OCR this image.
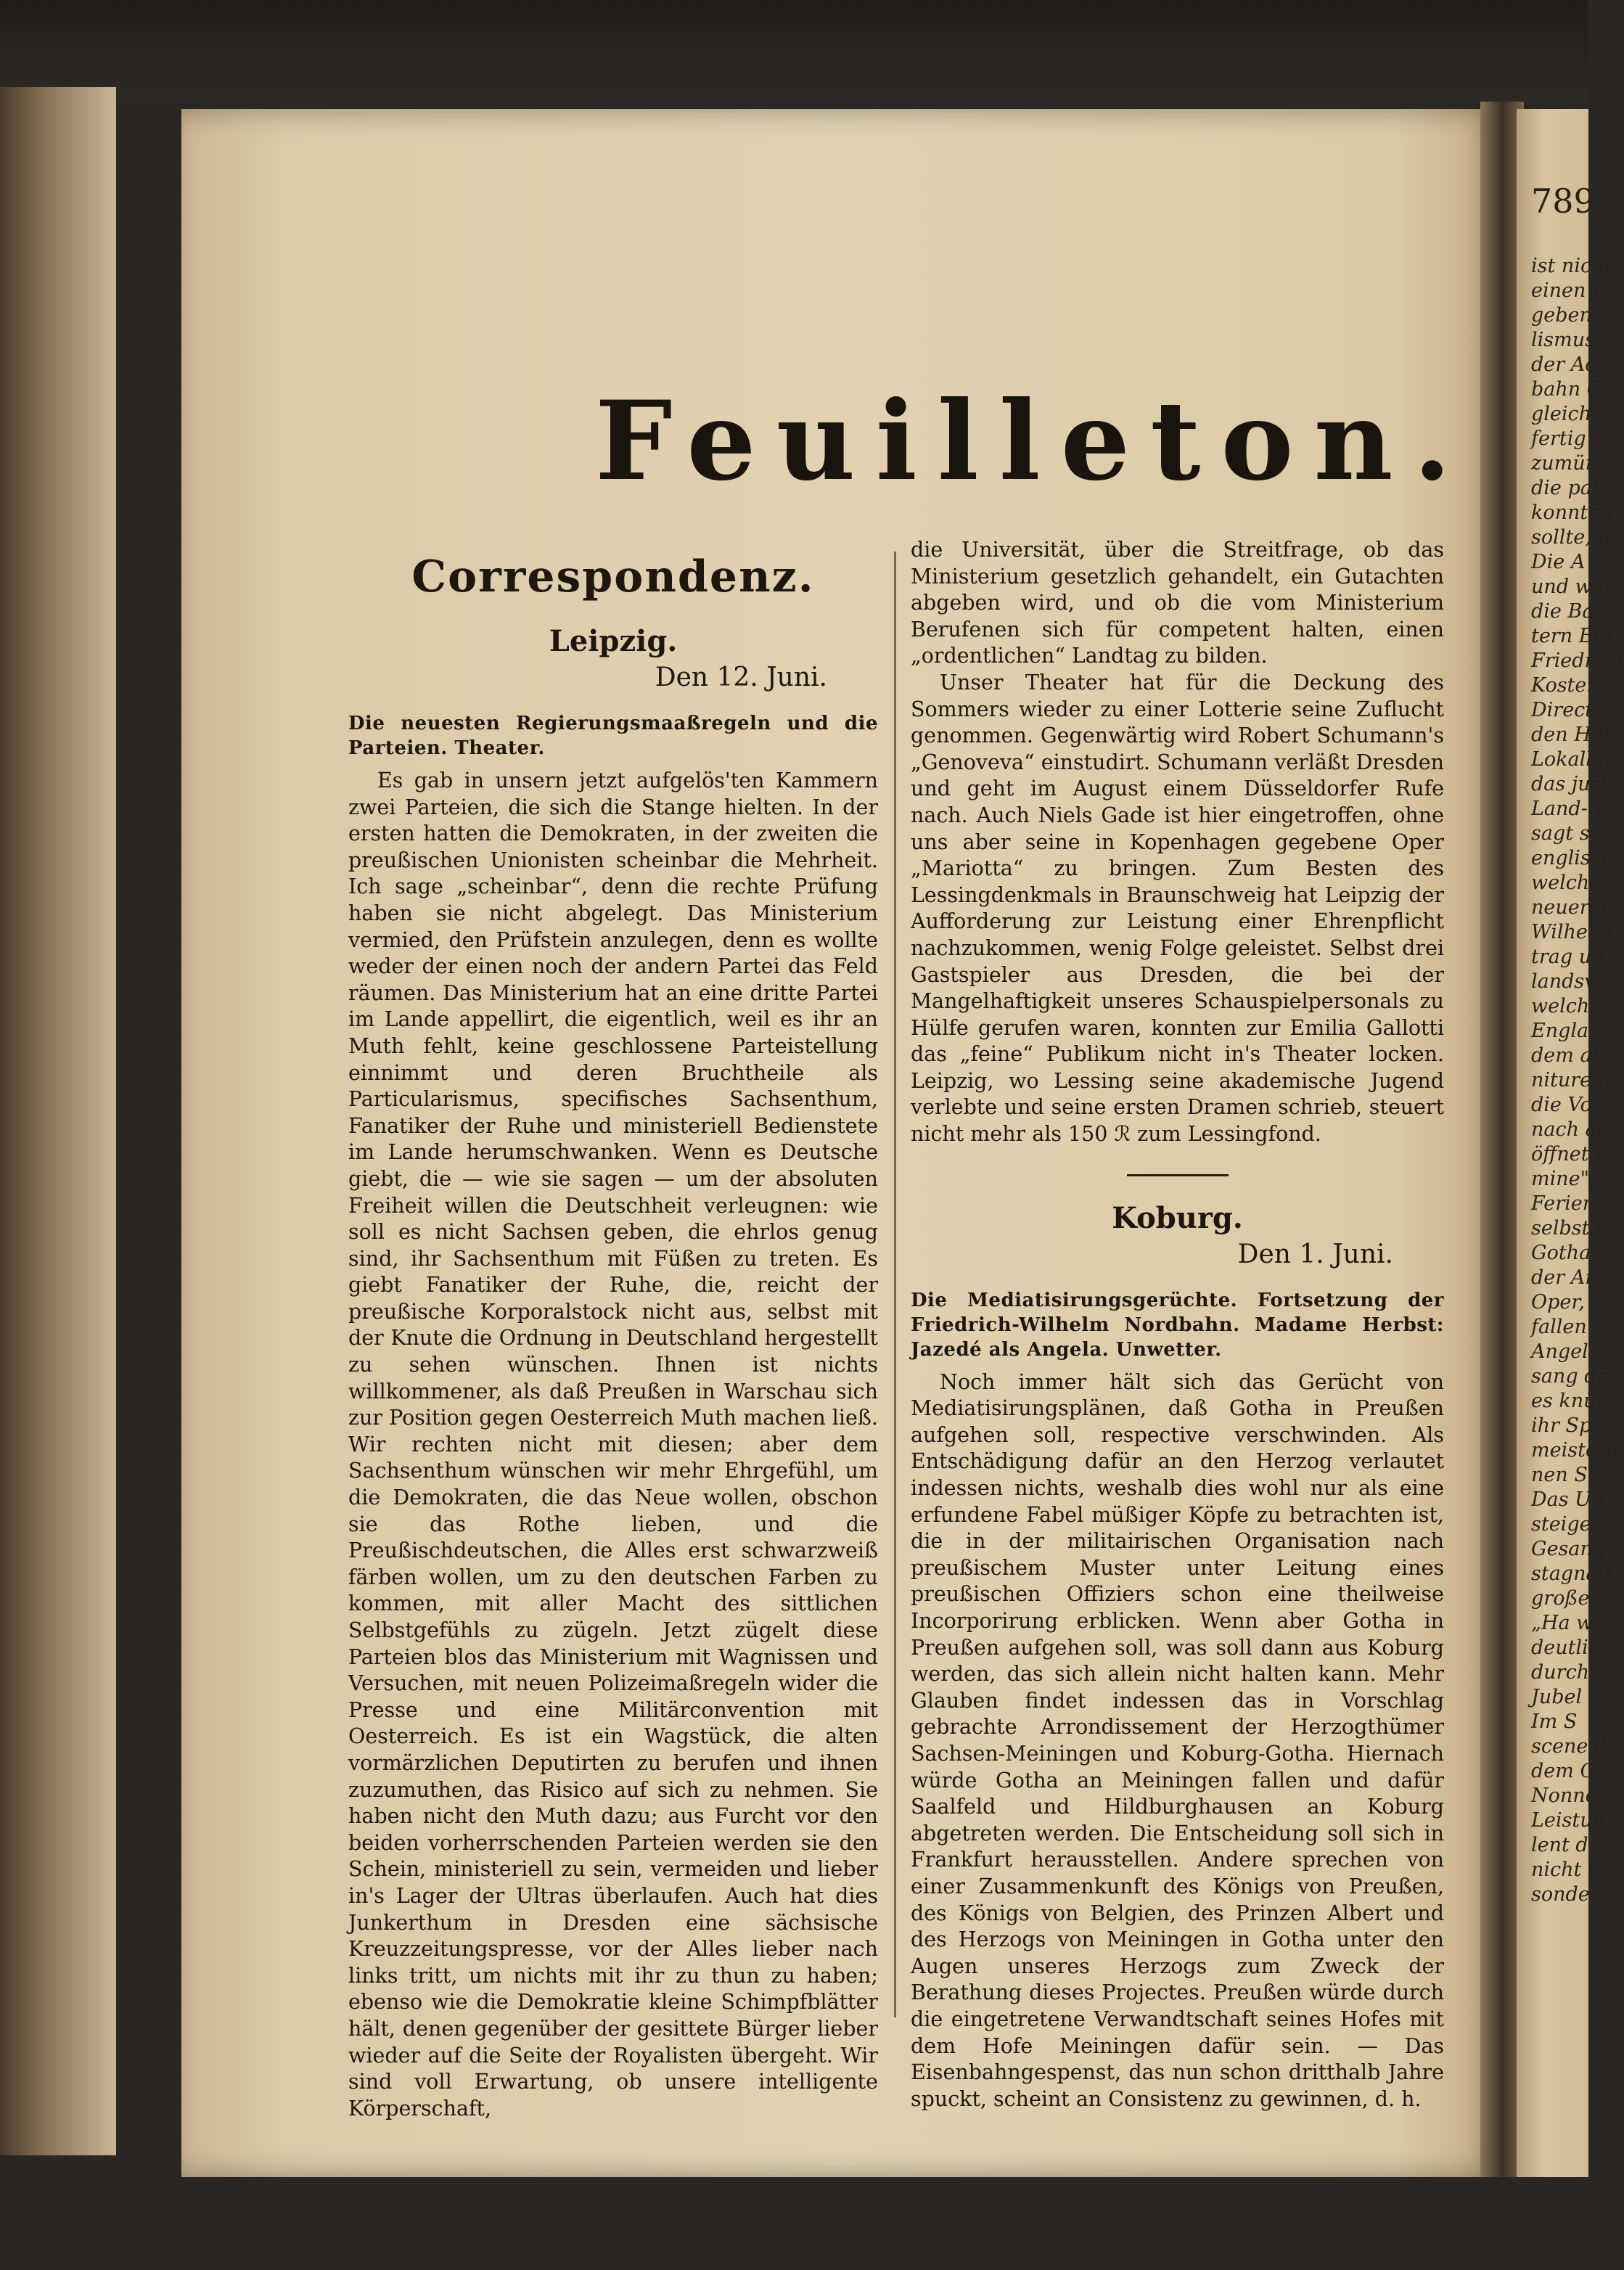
789
ist nicht
einen fe
geben w
lismus
der Acti
bahn G
gleich de
fertig zu
zumünde
die pakt
konnten
sollte, u
Die A
und wen
die Bah
tern Ein
Friedrich
Kosten d
Director
den Höf
Lokalbla
das just
Land- v
sagt sog
englisch
welche
neuerdi
Wilhelm
trag un
landsve
welchem
England
dem abe
niture h
die Vor
nach ab
öffnet i
mine",
Ferien
selbst b
Gotha
der An
Oper, s
fallen d
Angela,
sang da
es knüp
ihr Sp
meisterh
nen Si
Das Un
steigerte
Gesang
stagnatt
große
„Ha we
deutlich
durch
Jubel
Im S
scene d
dem C
Nonne
Leistun
lent d
nicht a
sondern
Feuilleton.
Correspondenz.
Leipzig.
Den 12. Juni.
Die neuesten Regierungsmaaßregeln und die Parteien. Theater.

Es gab in unsern jetzt aufgelös'ten Kammern zwei Parteien, die sich die Stange hielten. In der ersten hatten die Demokraten, in der zweiten die preußischen Unionisten scheinbar die Mehrheit. Ich sage „scheinbar“, denn die rechte Prüfung haben sie nicht abgelegt. Das Ministerium vermied, den Prüfstein anzulegen, denn es wollte weder der einen noch der andern Partei das Feld räumen. Das Ministerium hat an eine dritte Partei im Lande appellirt, die eigentlich, weil es ihr an Muth fehlt, keine geschlossene Parteistellung einnimmt und deren Bruchtheile als Particularismus, specifisches Sachsenthum, Fanatiker der Ruhe und ministeriell Bedienstete im Lande herumschwanken. Wenn es Deutsche giebt, die — wie sie sagen — um der absoluten Freiheit willen die Deutschheit verleugnen: wie soll es nicht Sachsen geben, die ehrlos genug sind, ihr Sachsenthum mit Füßen zu treten. Es giebt Fanatiker der Ruhe, die, reicht der preußische Korporalstock nicht aus, selbst mit der Knute die Ordnung in Deutschland hergestellt zu sehen wünschen. Ihnen ist nichts willkommener, als daß Preußen in Warschau sich zur Position gegen Oesterreich Muth machen ließ. Wir rechten nicht mit diesen; aber dem Sachsenthum wünschen wir mehr Ehrgefühl, um die Demokraten, die das Neue wollen, obschon sie das Rothe lieben, und die Preußischdeutschen, die Alles erst schwarzweiß färben wollen, um zu den deutschen Farben zu kommen, mit aller Macht des sittlichen Selbstgefühls zu zügeln. Jetzt zügelt diese Parteien blos das Ministerium mit Wagnissen und Versuchen, mit neuen Polizeimaßregeln wider die Presse und eine Militärconvention mit Oesterreich. Es ist ein Wagstück, die alten vormärzlichen Deputirten zu berufen und ihnen zuzumuthen, das Risico auf sich zu nehmen. Sie haben nicht den Muth dazu; aus Furcht vor den beiden vorherrschenden Parteien werden sie den Schein, ministeriell zu sein, vermeiden und lieber in's Lager der Ultras überlaufen. Auch hat dies Junkerthum in Dresden eine sächsische Kreuzzeitungspresse, vor der Alles lieber nach links tritt, um nichts mit ihr zu thun zu haben; ebenso wie die Demokratie kleine Schimpfblätter hält, denen gegenüber der gesittete Bürger lieber wieder auf die Seite der Royalisten übergeht. Wir sind voll Erwartung, ob unsere intelligente Körperschaft,

die Universität, über die Streitfrage, ob das Ministerium gesetzlich gehandelt, ein Gutachten abgeben wird, und ob die vom Ministerium Berufenen sich für competent halten, einen „ordentlichen“ Landtag zu bilden.

Unser Theater hat für die Deckung des Sommers wieder zu einer Lotterie seine Zuflucht genommen. Gegenwärtig wird Robert Schumann's „Genoveva“ einstudirt. Schumann verläßt Dresden und geht im August einem Düsseldorfer Rufe nach. Auch Niels Gade ist hier eingetroffen, ohne uns aber seine in Kopenhagen gegebene Oper „Mariotta“ zu bringen. Zum Besten des Lessingdenkmals in Braunschweig hat Leipzig der Aufforderung zur Leistung einer Ehrenpflicht nachzukommen, wenig Folge geleistet. Selbst drei Gastspieler aus Dresden, die bei der Mangelhaftigkeit unseres Schauspielpersonals zu Hülfe gerufen waren, konnten zur Emilia Gallotti das „feine“ Publikum nicht in's Theater locken. Leipzig, wo Lessing seine akademische Jugend verlebte und seine ersten Dramen schrieb, steuert nicht mehr als 150 ℛ zum Lessingfond.

Koburg.
Den 1. Juni.
Die Mediatisirungsgerüchte. Fortsetzung der Friedrich-Wilhelm Nordbahn. Madame Herbst: Jazedé als Angela. Unwetter.

Noch immer hält sich das Gerücht von Mediatisirungsplänen, daß Gotha in Preußen aufgehen soll, respective verschwinden. Als Entschädigung dafür an den Herzog verlautet indessen nichts, weshalb dies wohl nur als eine erfundene Fabel müßiger Köpfe zu betrachten ist, die in der militairischen Organisation nach preußischem Muster unter Leitung eines preußischen Offiziers schon eine theilweise Incorporirung erblicken. Wenn aber Gotha in Preußen aufgehen soll, was soll dann aus Koburg werden, das sich allein nicht halten kann. Mehr Glauben findet indessen das in Vorschlag gebrachte Arrondissement der Herzogthümer Sachsen-Meiningen und Koburg-Gotha. Hiernach würde Gotha an Meiningen fallen und dafür Saalfeld und Hildburghausen an Koburg abgetreten werden. Die Entscheidung soll sich in Frankfurt herausstellen. Andere sprechen von einer Zusammenkunft des Königs von Preußen, des Königs von Belgien, des Prinzen Albert und des Herzogs von Meiningen in Gotha unter den Augen unseres Herzogs zum Zweck der Berathung dieses Projectes. Preußen würde durch die eingetretene Verwandtschaft seines Hofes mit dem Hofe Meiningen dafür sein. — Das Eisenbahngespenst, das nun schon dritthalb Jahre spuckt, scheint an Consistenz zu gewinnen, d. h.
